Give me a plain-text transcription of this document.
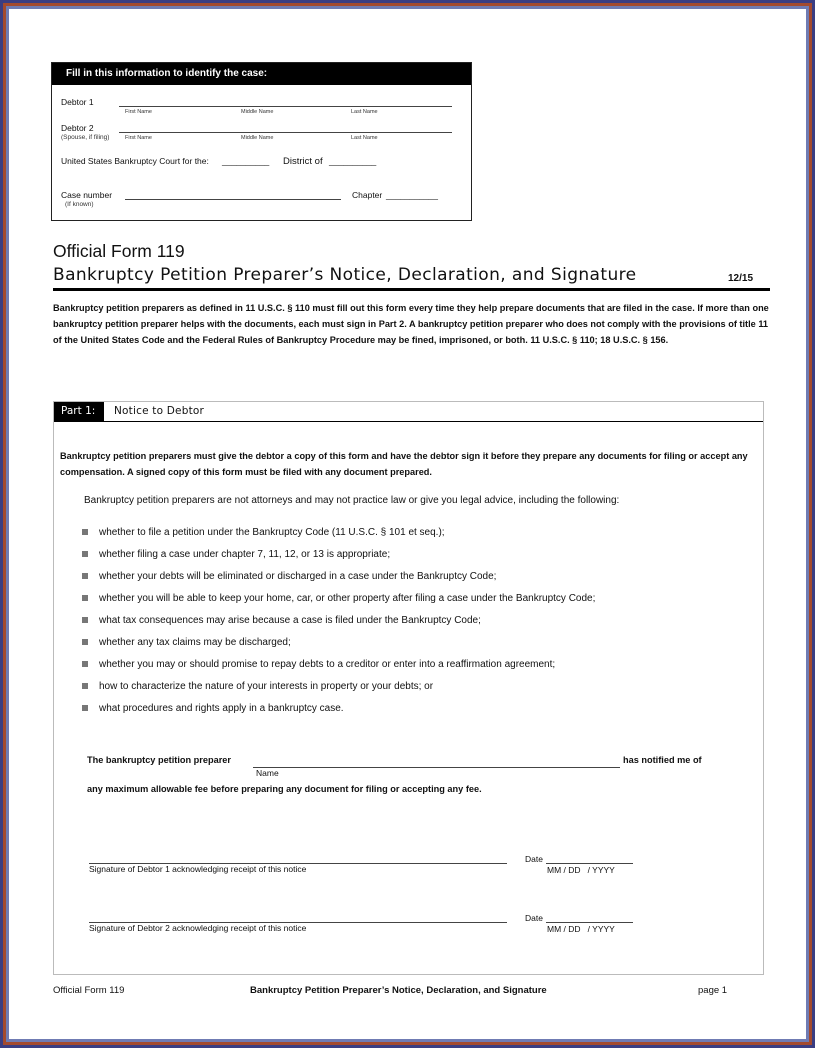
Fill in this information to identify the case:
Debtor 1
First Name	Middle Name	Last Name
Debtor 2
(Spouse, if filing)	First Name	Middle Name	Last Name
United States Bankruptcy Court for the: __________ District of __________
Case number
(If known)
Chapter ___________
Official Form 119
Bankruptcy Petition Preparer’s Notice, Declaration, and Signature	12/15
Bankruptcy petition preparers as defined in 11 U.S.C. § 110 must fill out this form every time they help prepare documents that are filed in the case. If more than one bankruptcy petition preparer helps with the documents, each must sign in Part 2. A bankruptcy petition preparer who does not comply with the provisions of title 11 of the United States Code and the Federal Rules of Bankruptcy Procedure may be fined, imprisoned, or both. 11 U.S.C. § 110; 18 U.S.C. § 156.
Part 1:	Notice to Debtor
Bankruptcy petition preparers must give the debtor a copy of this form and have the debtor sign it before they prepare any documents for filing or accept any compensation. A signed copy of this form must be filed with any document prepared.
Bankruptcy petition preparers are not attorneys and may not practice law or give you legal advice, including the following:
whether to file a petition under the Bankruptcy Code (11 U.S.C. § 101 et seq.);
whether filing a case under chapter 7, 11, 12, or 13 is appropriate;
whether your debts will be eliminated or discharged in a case under the Bankruptcy Code;
whether you will be able to keep your home, car, or other property after filing a case under the Bankruptcy Code;
what tax consequences may arise because a case is filed under the Bankruptcy Code;
whether any tax claims may be discharged;
whether you may or should promise to repay debts to a creditor or enter into a reaffirmation agreement;
how to characterize the nature of your interests in property or your debts; or
what procedures and rights apply in a bankruptcy case.
The bankruptcy petition preparer	has notified me of
Name
any maximum allowable fee before preparing any document for filing or accepting any fee.
Signature of Debtor 1 acknowledging receipt of this notice
Date
MM / DD   / YYYY
Signature of Debtor 2 acknowledging receipt of this notice
Date
MM / DD   / YYYY
Official Form 119	Bankruptcy Petition Preparer’s Notice, Declaration, and Signature	page 1
